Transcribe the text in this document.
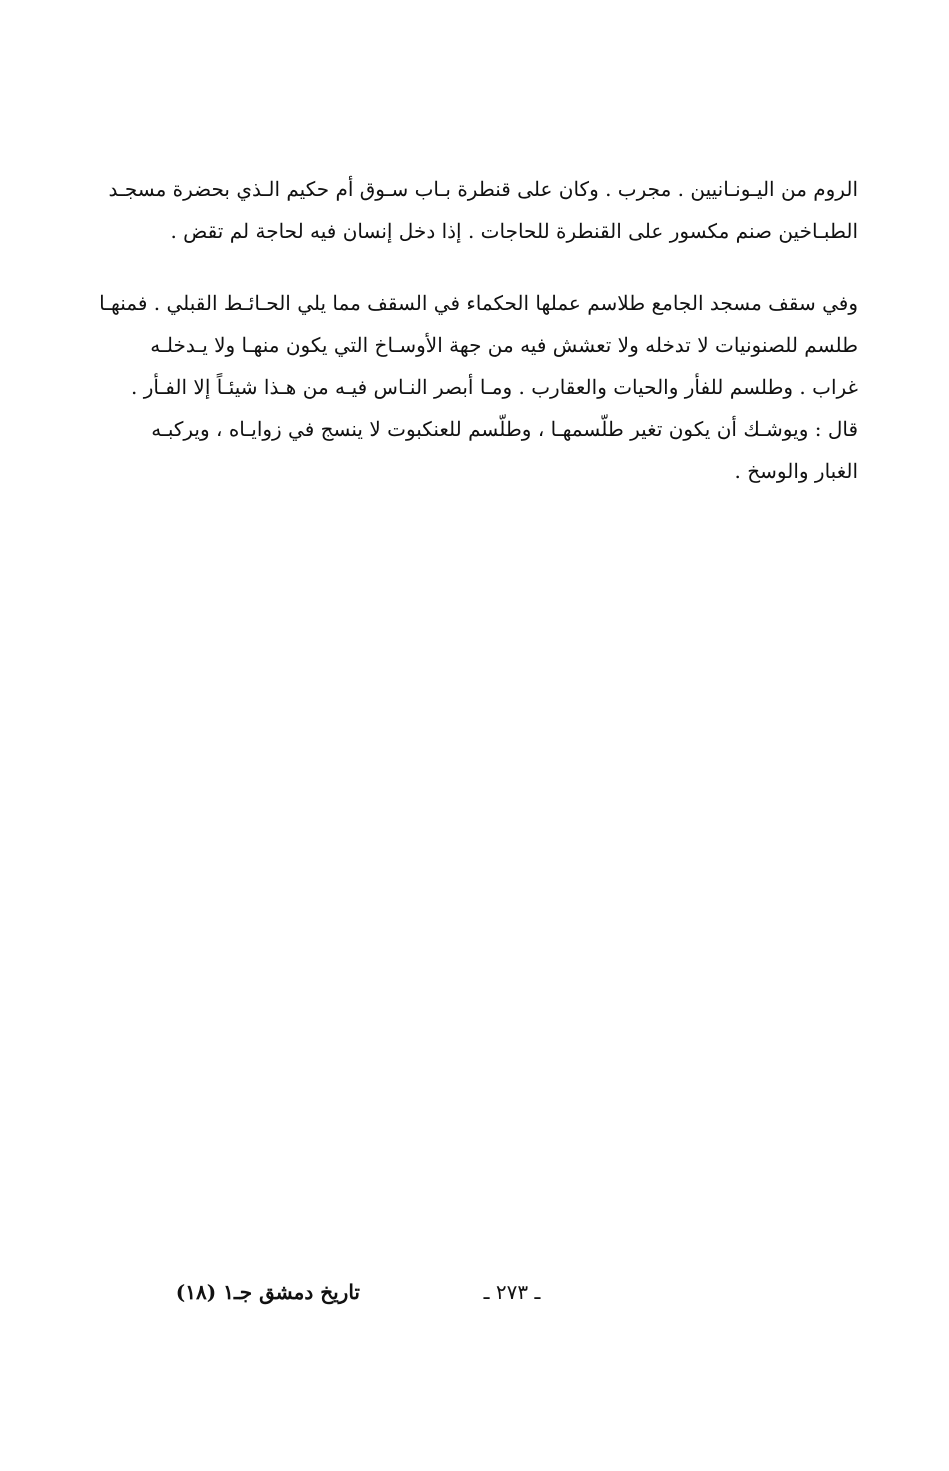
الروم من اليـونـانيين . مجرب . وكان على قنطرة بـاب سـوق أم حكيم الـذي بحضرة مسجـد
الطبـاخين صنم مكسور على القنطرة للحاجات . إذا دخل إنسان فيه لحاجة لم تقض .
وفي سقف مسجد الجامع طلاسم عملها الحكماء في السقف مما يلي الحـائـط القبلي . فمنهـا
طلسم للصنونيات لا تدخله ولا تعشش فيه من جهة الأوسـاخ التي يكون منهـا ولا يـدخلـه
غراب . وطلسم للفأر والحيات والعقارب . ومـا أبصر النـاس فيـه من هـذا شيئـاً إلا الفـأر .
قال : ويوشـك أن يكون تغير طلّسمهـا ، وطلّسم للعنكبوت لا ينسج في زوايـاه ، ويركبـه
الغبار والوسخ .
ـ ٢٧٣ ـ
تاريخ دمشق جـ١ (١٨)
